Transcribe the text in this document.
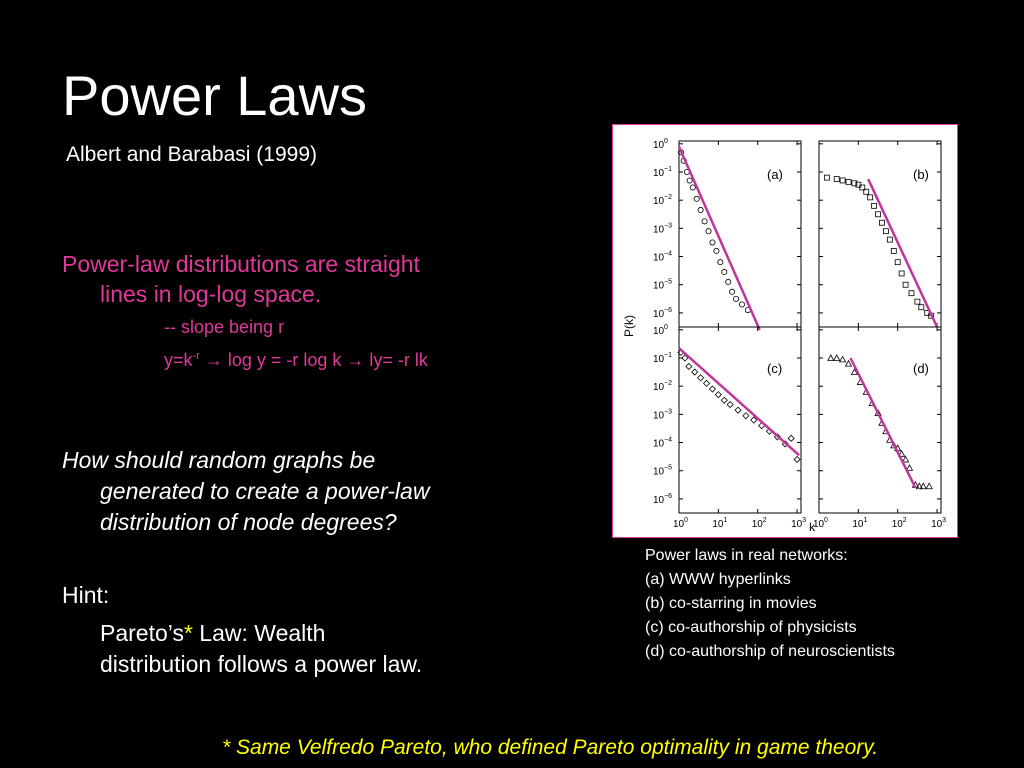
Power Laws
Albert and Barabasi (1999)
Power-law distributions are straight
lines in log-log space.
-- slope being r
$y=k^{-r} \to \log y = -r$ log k → ly= -r lk
How should random graphs be
generated to create a power-law
distribution of node degrees?
Hint:
Pareto’s* Law: Wealth
distribution follows a power law.
* Same Velfredo Pareto, who defined Pareto optimality in game theory.
(a)	(b)
(c)	(d)
10 0
10 −1
10 −2
10 −3
10 −4
10 −5
10 −6
10 0
10 −1
10 −2
10 −3
10 −4
10 −5
10 −6
10 0 10 1 10 2 10 3 10 0 10 1 10 2 10 3
P(k)
k
Power laws in real networks:
(a) WWW hyperlinks
(b) co-starring in movies
(c) co-authorship of physicists
(d) co-authorship of neuroscientists
